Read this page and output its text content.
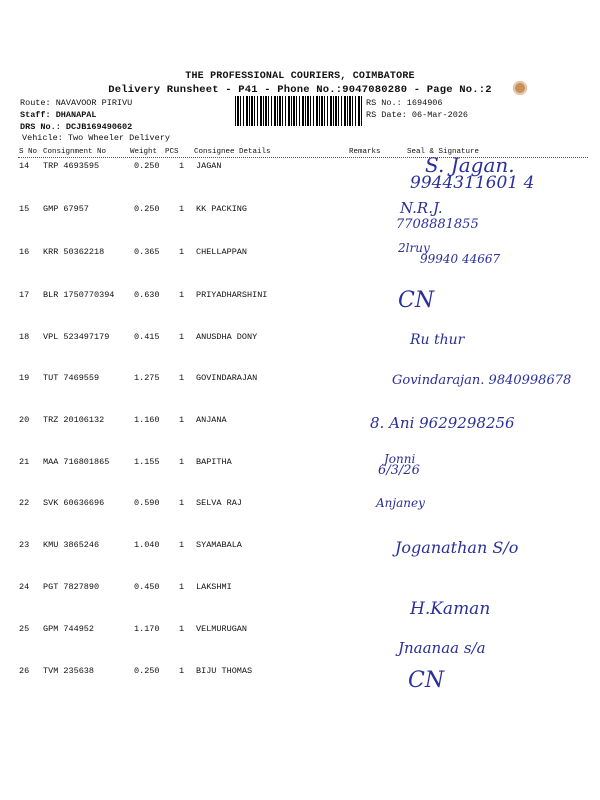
THE PROFESSIONAL COURIERS, COIMBATORE
Delivery Runsheet - P41 - Phone No.:9047080280 - Page No.:2
Route: NAVAVOOR PIRIVU
Staff: DHANAPAL
DRS No.: DCJB169490602
Vehicle: Two Wheeler Delivery
RS No.: 1694906
RS Date: 06-Mar-2026
S No Consignment No	Weight PCS Consignee Details	Remarks	Seal & Signature
14 TRP 4693595	0.250 1 JAGAN	S. Jagan.
9944311601 4
15 GMP 67957	0.250 1 KK PACKING	N.R.J.
7708881855
16 KRR 50362218	0.365 1 CHELLAPPAN	2lruy
99940 44667
17 BLR 1750770394 0.630 1 PRIYADHARSHINI	CN
18 VPL 523497179	0.415 1 ANUSDHA DONY	Ru thur
19 TUT 7469559	1.275 1 GOVINDARAJAN	Govindarajan. 9840998678
20 TRZ 20106132	1.160 1 ANJANA	8. Ani 9629298256
21 MAA 716801865	1.155 1 BAPITHA	Jonni
6/3/26
22 SVK 60636696	0.590 1 SELVA RAJ	Anjaney
23 KMU 3865246	1.040 1 SYAMABALA	Joganathan S/o
24 PGT 7827890	0.450 1 LAKSHMI
H.Kaman
25 GPM 744952	1.170 1 VELMURUGAN
Jnaanaa s/a
26 TVM 235638	0.250 1 BIJU THOMAS	CN
